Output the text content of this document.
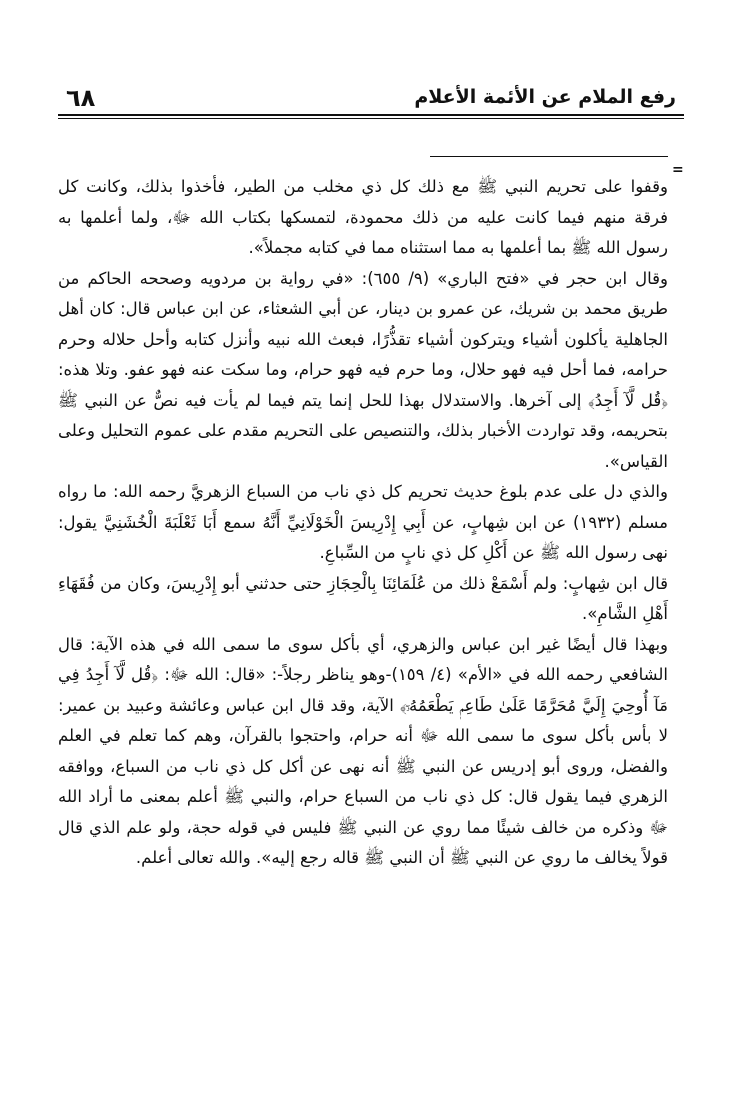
٦٨	رفع الملام عن الأئمة الأعلام
=

وقفوا على تحريم النبي ﷺ مع ذلك كل ذي مخلب من الطير، فأخذوا بذلك، وكانت كل فرقة منهم فيما كانت عليه من ذلك محمودة، لتمسكها بكتاب الله ﷻ، ولما أعلمها به رسول الله ﷺ بما أعلمها به مما استثناه مما في كتابه مجملاً».

وقال ابن حجر في «فتح الباري» (٩/ ٦٥٥): «في رواية بن مردويه وصححه الحاكم من طريق محمد بن شريك، عن عمرو بن دينار، عن أبي الشعثاء، عن ابن عباس قال: كان أهل الجاهلية يأكلون أشياء ويتركون أشياء تقذُّرًا، فبعث الله نبيه وأنزل كتابه وأحل حلاله وحرم حرامه، فما أحل فيه فهو حلال، وما حرم فيه فهو حرام، وما سكت عنه فهو عفو. وتلا هذه: ﴿قُل لَّآ أَجِدُ﴾ إلى آخرها. والاستدلال بهذا للحل إنما يتم فيما لم يأت فيه نصٌّ عن النبي ﷺ بتحريمه، وقد تواردت الأخبار بذلك، والتنصيص على التحريم مقدم على عموم التحليل وعلى القياس».

والذي دل على عدم بلوغ حديث تحريم كل ذي ناب من السباع الزهريَّ رحمه الله: ما رواه مسلم (١٩٣٢) عن ابن شِهابٍ، عن أَبِي إِدْرِيسَ الْخَوْلَانِيِّ أَنَّهُ سمع أَبَا ثَعْلَبَةَ الْخُشَنِيَّ يقول: نهى رسول الله ﷺ عن أَكْلِ كل ذي نابٍ من السِّباعِ.

قال ابن شِهابٍ: ولم أَسْمَعْ ذلك من عُلَمَائِنَا بِالْحِجَازِ حتى حدثني أبو إِدْرِيسَ، وكان من فُقَهَاءِ أَهْلِ الشَّامِ».

وبهذا قال أيضًا غير ابن عباس والزهري، أي بأكل سوى ما سمى الله في هذه الآية: قال الشافعي رحمه الله في «الأم» (٤/ ١٥٩)-وهو يناظر رجلاً-: «قال: الله ﷻ: ﴿قُل لَّآ أَجِدُ فِي مَآ أُوحِيَ إِلَيَّ مُحَرَّمًا عَلَىٰ طَاعِمٖ يَطْعَمُهُۥٓ﴾ الآية، وقد قال ابن عباس وعائشة وعبيد بن عمير: لا بأس بأكل سوى ما سمى الله ﷻ أنه حرام، واحتجوا بالقرآن، وهم كما تعلم في العلم والفضل، وروى أبو إدريس عن النبي ﷺ أنه نهى عن أكل كل ذي ناب من السباع، ووافقه الزهري فيما يقول قال: كل ذي ناب من السباع حرام، والنبي ﷺ أعلم بمعنى ما أراد الله ﷻ وذكره من خالف شيئًا مما روي عن النبي ﷺ فليس في قوله حجة، ولو علم الذي قال قولاً يخالف ما روي عن النبي ﷺ أن النبي ﷺ قاله رجع إليه». والله تعالى أعلم.
